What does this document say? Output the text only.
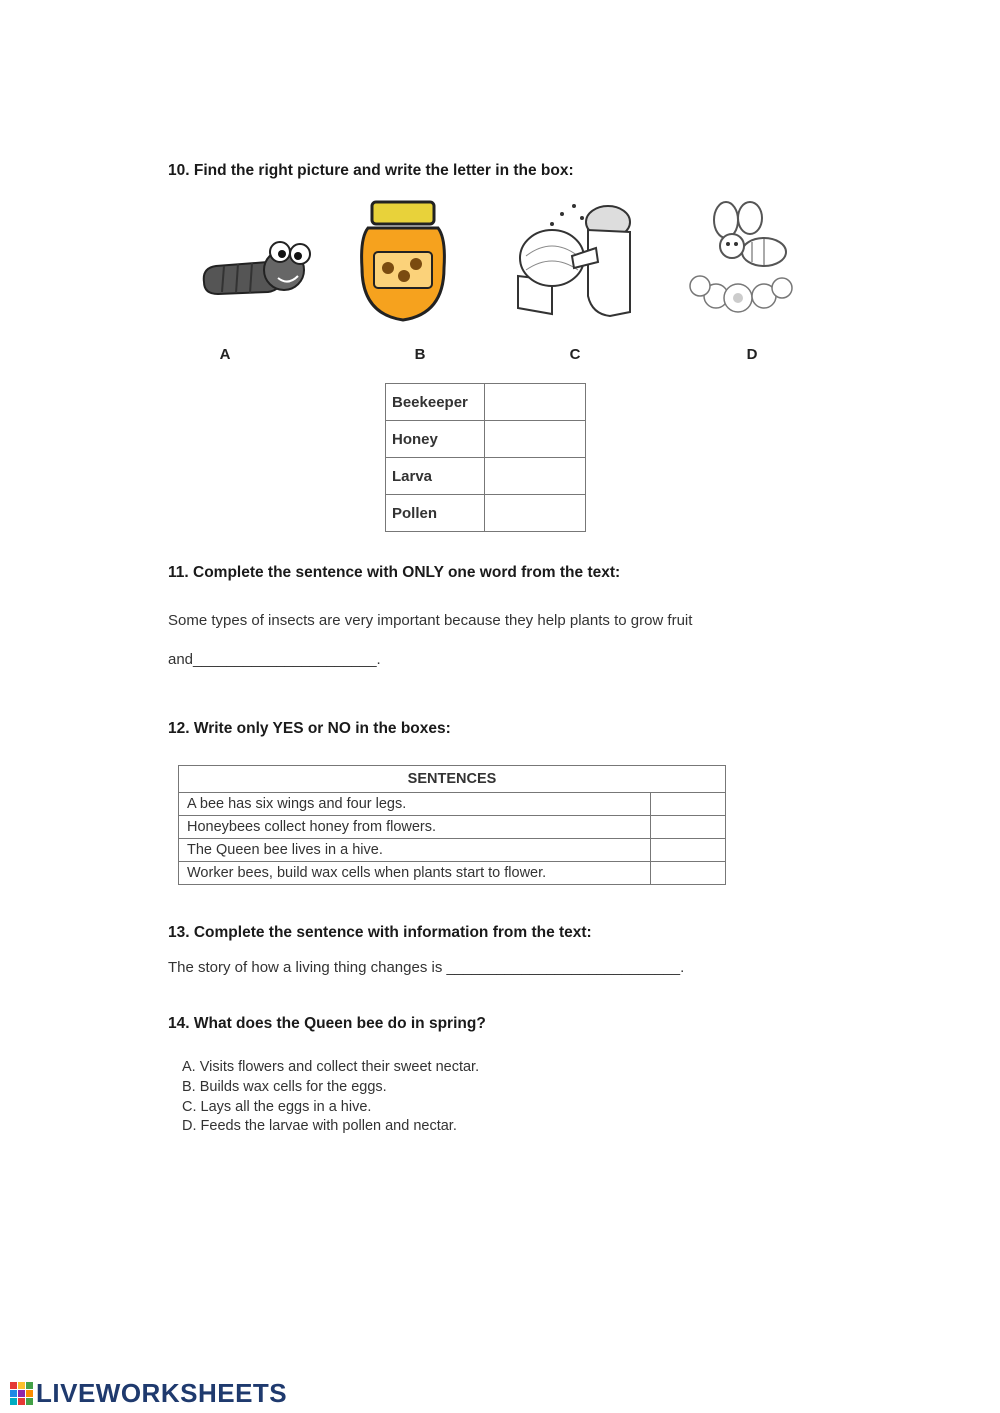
10. Find the right picture and write the letter in the box:
A	B	C	D
Beekeeper	
Honey	
Larva	
Pollen	
11. Complete the sentence with ONLY one word from the text:
Some types of insects are very important because they help plants to grow fruit
and______________________.
12. Write only YES or NO in the boxes:
SENTENCES	
A bee has six wings and four legs.	
Honeybees collect honey from flowers.	
The Queen bee lives in a hive.	
Worker bees, build wax cells when plants start to flower.	
13. Complete the sentence with information from the text:
The story of how a living thing changes is ____________________________.
14. What does the Queen bee do in spring?
A. Visits flowers and collect their sweet nectar.
B. Builds wax cells for the eggs.
C. Lays all the eggs in a hive.
D. Feeds the larvae with pollen and nectar.
LIVEWORKSHEETS
